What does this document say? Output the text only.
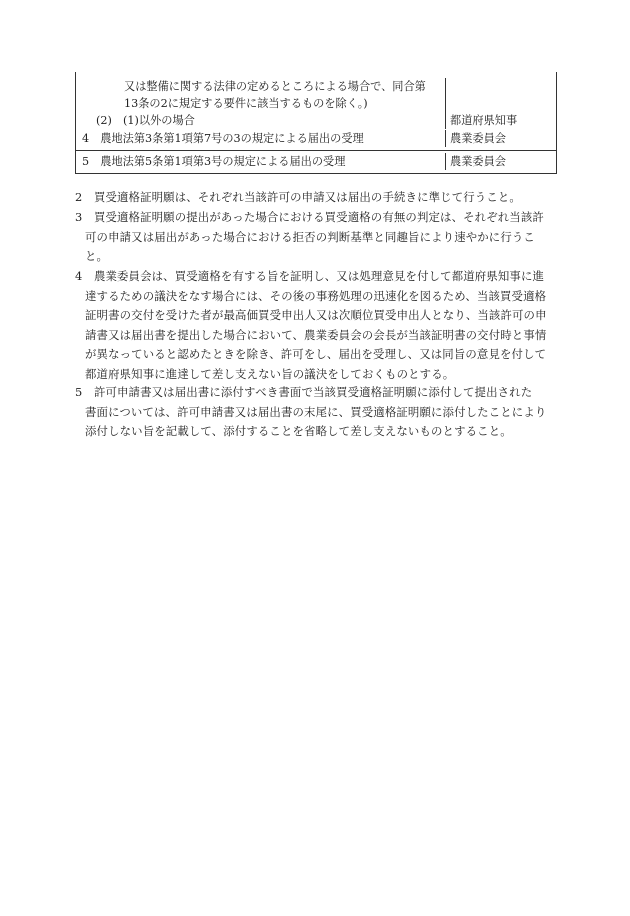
又は整備に関する法律の定めるところによる場合で、同合第
13条の2に規定する要件に該当するものを除く。)
(2)　(1)以外の場合	都道府県知事
4　農地法第3条第1項第7号の3の規定による届出の受理	農業委員会
5　農地法第5条第1項第3号の規定による届出の受理	農業委員会
2　買受適格証明願は、それぞれ当該許可の申請又は届出の手続きに準じて行うこと。
3　買受適格証明願の提出があった場合における買受適格の有無の判定は、それぞれ当該許
可の申請又は届出があった場合における拒否の判断基準と同趣旨により速やかに行うこ
と。
4　農業委員会は、買受適格を有する旨を証明し、又は処理意見を付して都道府県知事に進
達するための議決をなす場合には、その後の事務処理の迅速化を図るため、当該買受適格
証明書の交付を受けた者が最高価買受申出人又は次順位買受申出人となり、当該許可の申
請書又は届出書を提出した場合において、農業委員会の会長が当該証明書の交付時と事情
が異なっていると認めたときを除き、許可をし、届出を受理し、又は同旨の意見を付して
都道府県知事に進達して差し支えない旨の議決をしておくものとする。
5　許可申請書又は届出書に添付すべき書面で当該買受適格証明願に添付して提出された
書面については、許可申請書又は届出書の末尾に、買受適格証明願に添付したことにより
添付しない旨を記載して、添付することを省略して差し支えないものとすること。
